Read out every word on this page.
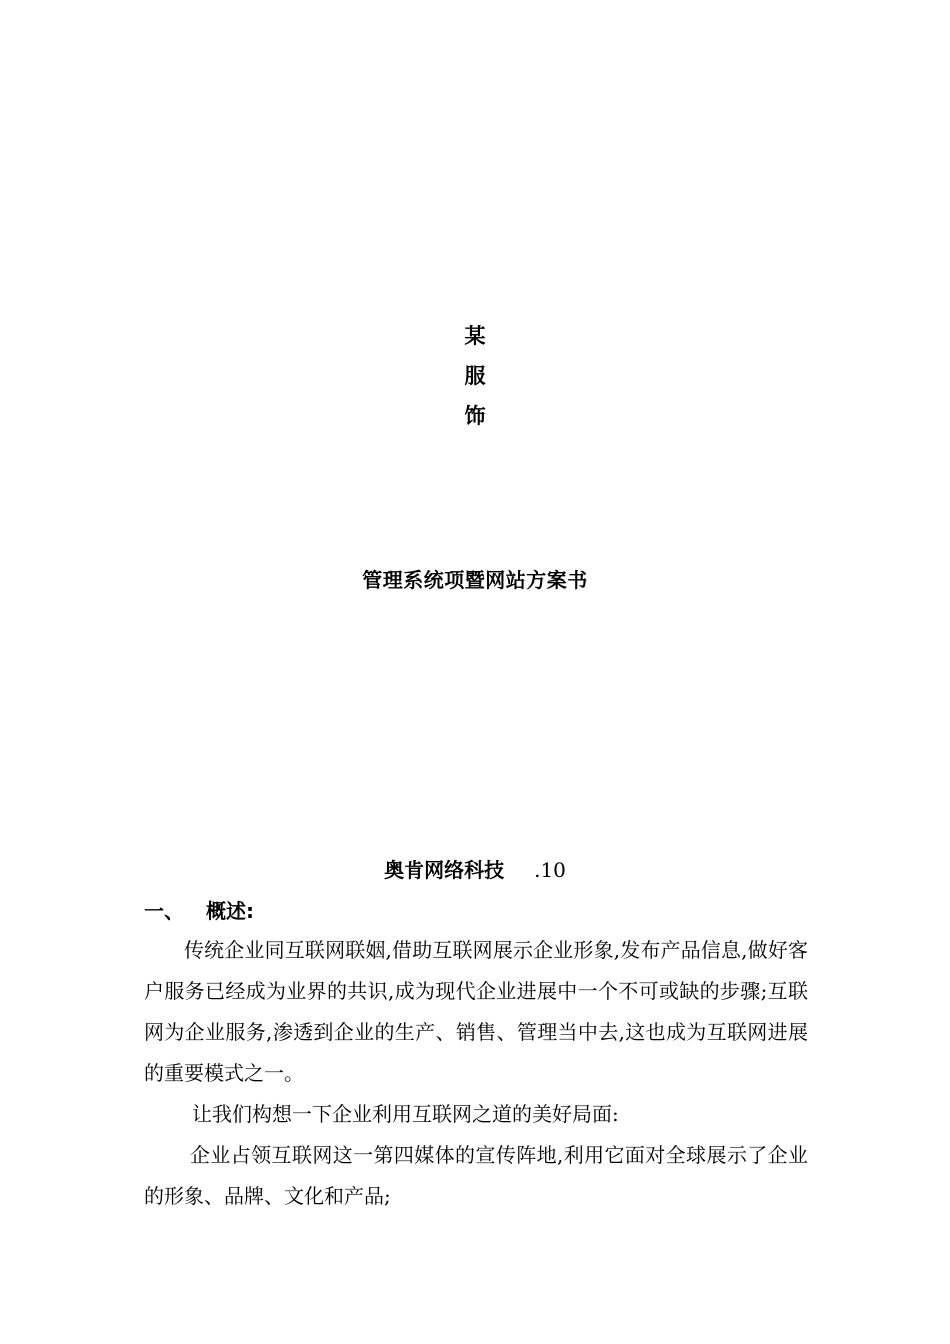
某
服
饰
管理系统项暨网站方案书
奥肯网络科技 .10
一、 概述:

传统企业同互联网联姻,借助互联网展示企业形象,发布产品信息,做好客户服务已经成为业界的共识,成为现代企业进展中一个不可或缺的步骤;互联网为企业服务,渗透到企业的生产、销售、管理当中去,这也成为互联网进展的重要模式之一。

让我们构想一下企业利用互联网之道的美好局面:

企业占领互联网这一第四媒体的宣传阵地,利用它面对全球展示了企业的形象、品牌、文化和产品;
